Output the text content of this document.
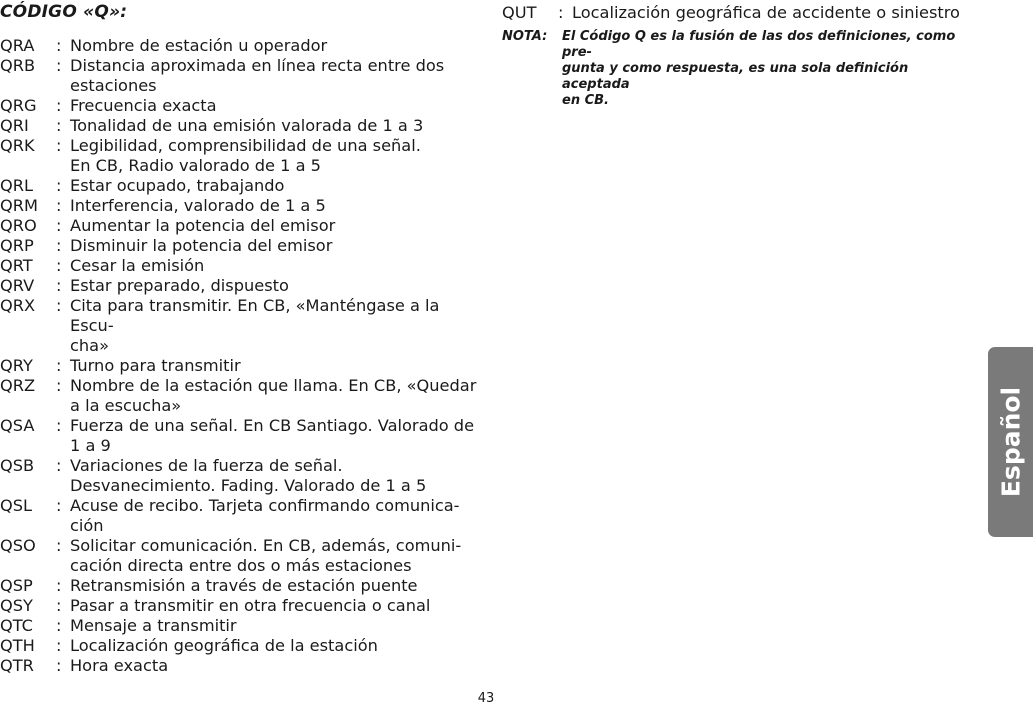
CÓDIGO «Q»:
QRA	: Nombre de estación u operador
QRB	: Distancia aproximada en línea recta entre dos
estaciones
QRG	: Frecuencia exacta
QRI	: Tonalidad de una emisión valorada de 1 a 3
QRK	: Legibilidad, comprensibilidad de una señal.
En CB, Radio valorado de 1 a 5
QRL	: Estar ocupado, trabajando
QRM	: Interferencia, valorado de 1 a 5
QRO	: Aumentar la potencia del emisor
QRP	: Disminuir la potencia del emisor
QRT	: Cesar la emisión
QRV	: Estar preparado, dispuesto
QRX	: Cita para transmitir. En CB, «Manténgase a la Escu-
cha»
QRY	: Turno para transmitir
QRZ	: Nombre de la estación que llama. En CB, «Quedar
a la escucha»
QSA	: Fuerza de una señal. En CB Santiago. Valorado de
1 a 9
QSB	: Variaciones de la fuerza de señal.
Desvanecimiento. Fading. Valorado de 1 a 5
QSL	: Acuse de recibo. Tarjeta confirmando comunica-
ción
QSO	: Solicitar comunicación. En CB, además, comuni-
cación directa entre dos o más estaciones
QSP	: Retransmisión a través de estación puente
QSY	: Pasar a transmitir en otra frecuencia o canal
QTC	: Mensaje a transmitir
QTH	: Localización geográfica de la estación
QTR	: Hora exacta
QUT	: Localización geográfica de accidente o siniestro
NOTA:	El Código Q es la fusión de las dos definiciones, como pre-
gunta y como respuesta, es una sola definición aceptada
en CB.
Español
43
